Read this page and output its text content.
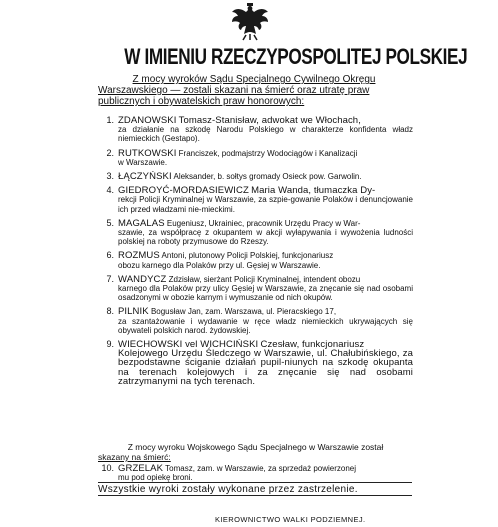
W IMIENIU RZECZYPOSPOLITEJ POLSKIEJ
Z mocy wyroków Sądu Specjalnego Cywilnego Okręgu
Warszawskiego — zostali skazani na śmierć oraz utratę praw
publicznych i obywatelskich praw honorowych:
1. ZDANOWSKI Tomasz-Stanisław, adwokat we Włochach,
za działanie na szkodę Narodu Polskiego w charakterze konfidenta władz niemieckich (Gestapo).
2. RUTKOWSKI Franciszek, podmajstrzy Wodociągów i Kanalizacji
w Warszawie.
3. ŁĄCZYŃSKI Aleksander, b. sołtys gromady Osieck pow. Garwolin.
4. GIEDROYĆ-MORDASIEWICZ Maria Wanda, tłumaczka Dy-
rekcji Policji Kryminalnej w Warszawie, za szpie-gowanie Polaków i denuncjowanie ich przed władzami nie-mieckimi.
5. MAGALAS Eugeniusz, Ukrainiec, pracownik Urzędu Pracy w War-
szawie, za współpracę z okupantem w akcji wyłapywania i wywożenia ludności polskiej na roboty przymusowe do Rzeszy.
6. ROZMUS Antoni, plutonowy Policji Polskiej, funkcjonariusz
obozu karnego dla Polaków przy ul. Gęsiej w Warszawie.
7. WANDYCZ Zdzisław, sierżant Policji Kryminalnej, intendent obozu
karnego dla Polaków przy ulicy Gęsiej w Warszawie, za znęcanie się nad osobami osadzonymi w obozie karnym i wymuszanie od nich okupów.
8. PILNIK Bogusław Jan, zam. Warszawa, ul. Pieracskiego 17,
za szantażowanie i wydawanie w ręce władz niemieckich ukrywających się obywateli polskich narod. żydowskiej.
9. WIECHOWSKI vel WICHCIŃSKI Czesław, funkcjonariusz
Kolejowego Urzędu Śledczego w Warszawie, ul. Chałubińskiego, za bezpodstawne ściganie działań pupil-niunych na szkodę okupanta na terenach kolejowych i za znęcanie się nad osobami zatrzymanymi na tych terenach.
Z mocy wyroku Wojskowego Sądu Specjalnego w Warszawie został
skazany na śmierć:
10. GRZELAK Tomasz, zam. w Warszawie, za sprzedaż powierzonej
mu pod opiekę broni.
Wszystkie wyroki zostały wykonane przez zastrzelenie.
KIEROWNICTWO WALKI PODZIEMNEJ.
